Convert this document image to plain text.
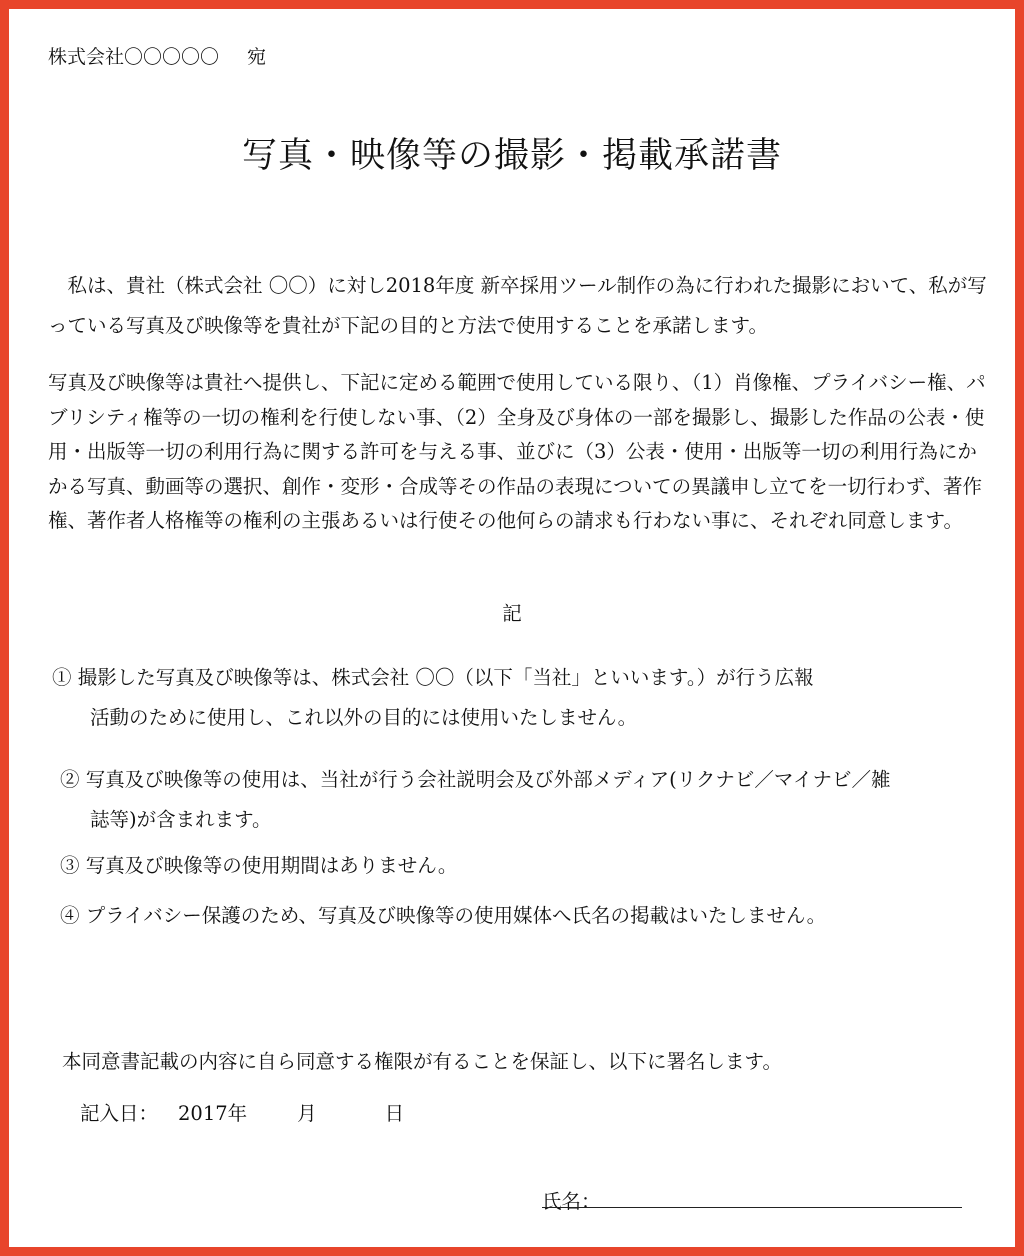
株式会社〇〇〇〇〇 宛
写真・映像等の撮影・掲載承諾書

私は、貴社（株式会社 〇〇）に対し2018年度 新卒採用ツール制作の為に行われた撮影において、私が写っている写真及び映像等を貴社が下記の目的と方法で使用することを承諾します。

写真及び映像等は貴社へ提供し、下記に定める範囲で使用している限り、（1）肖像権、プライバシー権、パブリシティ権等の一切の権利を行使しない事、（2）全身及び身体の一部を撮影し、撮影した作品の公表・使用・出版等一切の利用行為に関する許可を与える事、並びに（3）公表・使用・出版等一切の利用行為にかかる写真、動画等の選択、創作・変形・合成等その作品の表現についての異議申し立てを一切行わず、著作権、著作者人格権等の権利の主張あるいは行使その他何らの請求も行わない事に、それぞれ同意します。

記
① 撮影した写真及び映像等は、株式会社 〇〇（以下「当社」といいます。）が行う広報
活動のために使用し、これ以外の目的には使用いたしません。
② 写真及び映像等の使用は、当社が行う会社説明会及び外部メディア(リクナビ／マイナビ／雑
誌等)が含まれます。
③ 写真及び映像等の使用期間はありません。
④ プライバシー保護のため、写真及び映像等の使用媒体へ氏名の掲載はいたしません。
本同意書記載の内容に自ら同意する権限が有ることを保証し、以下に署名します。
記入日： 2017年	月	日
氏名：
